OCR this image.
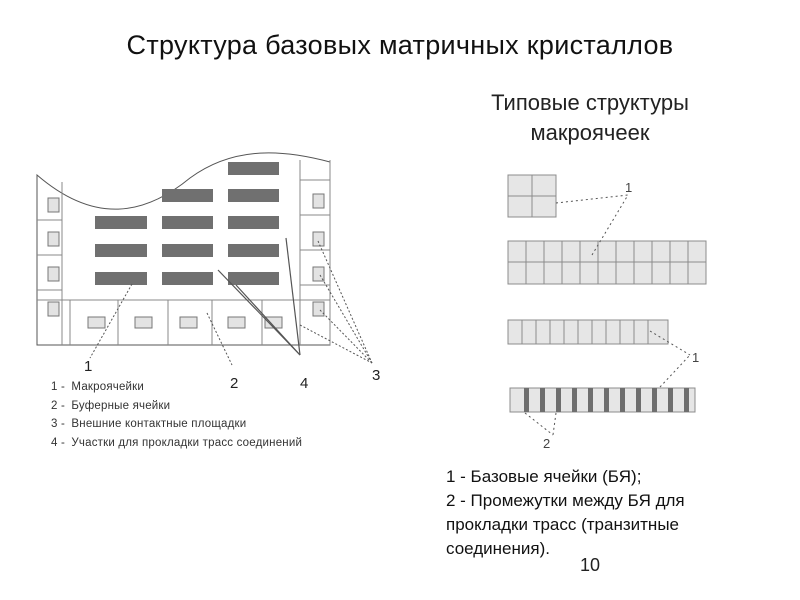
Структура базовых матричных кристаллов
Типовые структуры
макроячеек
1
2	4	3
1
1
2
1 - Макроячейки
2 - Буферные ячейки
3 - Внешние контактные площадки
4 - Участки для прокладки трасс соединений
1 - Базовые ячейки (БЯ);
2 - Промежутки между БЯ для
прокладки трасс (транзитные
соединения).
10
